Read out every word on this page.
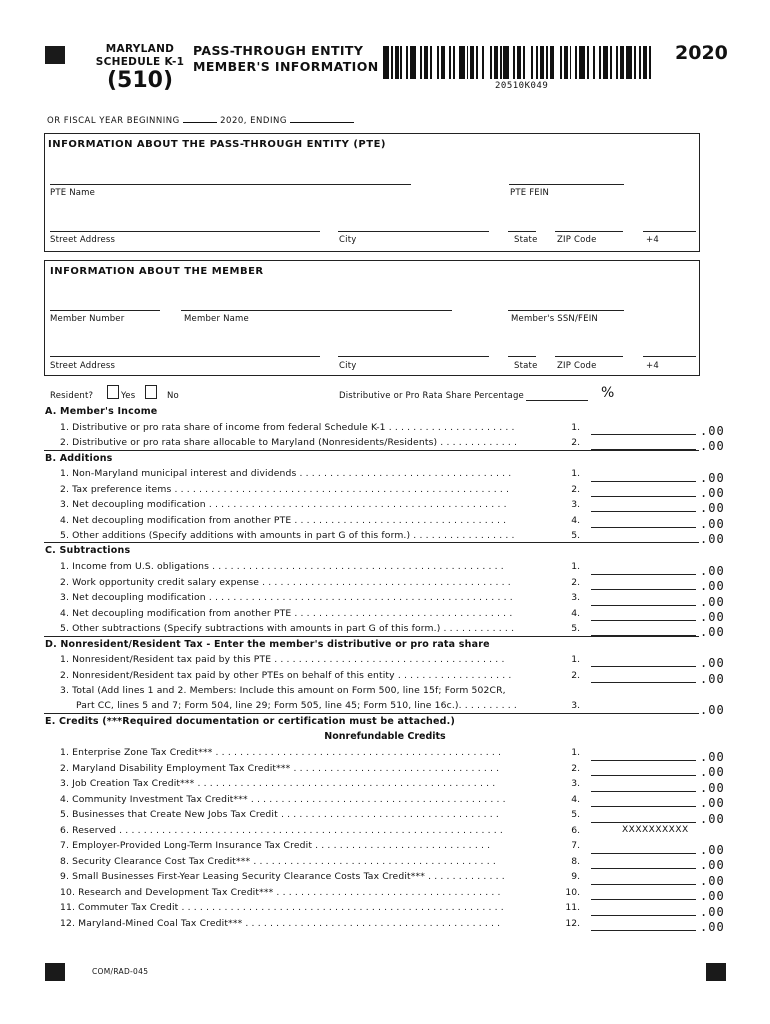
MARYLAND
SCHEDULE K-1
(510)
PASS-THROUGH ENTITY
MEMBER'S INFORMATION
20510K049
2020
OR FISCAL YEAR BEGINNING	2020, ENDING
INFORMATION ABOUT THE PASS-THROUGH ENTITY (PTE)
PTE Name	PTE FEIN
Street Address	City	State ZIP Code	+4
INFORMATION ABOUT THE MEMBER
Member Number	Member Name	Member's SSN/FEIN
Street Address	City	State ZIP Code	+4
Resident?	Yes	No	Distributive or Pro Rata Share Percentage	%
A. Member's Income
1. Distributive or pro rata share of income from federal Schedule K-1 . . . . . . . . . . . . . . . . . . . . .	1.	.00
2. Distributive or pro rata share allocable to Maryland (Nonresidents/Residents) . . . . . . . . . . . . .	2.	.00
B. Additions
1. Non-Maryland municipal interest and dividends . . . . . . . . . . . . . . . . . . . . . . . . . . . . . . . . . . .	1.	.00
2. Tax preference items . . . . . . . . . . . . . . . . . . . . . . . . . . . . . . . . . . . . . . . . . . . . . . . . . . . . . . .	2.	.00
3. Net decoupling modification . . . . . . . . . . . . . . . . . . . . . . . . . . . . . . . . . . . . . . . . . . . . . . . . .	3.	.00
4. Net decoupling modification from another PTE . . . . . . . . . . . . . . . . . . . . . . . . . . . . . . . . . . .	4.	.00
5. Other additions (Specify additions with amounts in part G of this form.) . . . . . . . . . . . . . . . . .	5.	.00
C. Subtractions
1. Income from U.S. obligations . . . . . . . . . . . . . . . . . . . . . . . . . . . . . . . . . . . . . . . . . . . . . . . .	1.	.00
2. Work opportunity credit salary expense . . . . . . . . . . . . . . . . . . . . . . . . . . . . . . . . . . . . . . . . .	2.	.00
3. Net decoupling modification . . . . . . . . . . . . . . . . . . . . . . . . . . . . . . . . . . . . . . . . . . . . . . . . . .	3.	.00
4. Net decoupling modification from another PTE . . . . . . . . . . . . . . . . . . . . . . . . . . . . . . . . . . . .	4.	.00
5. Other subtractions (Specify subtractions with amounts in part G of this form.) . . . . . . . . . . . .	5.	.00
D. Nonresident/Resident Tax - Enter the member's distributive or pro rata share
1. Nonresident/Resident tax paid by this PTE . . . . . . . . . . . . . . . . . . . . . . . . . . . . . . . . . . . . . .	1.	.00
2. Nonresident/Resident tax paid by other PTEs on behalf of this entity . . . . . . . . . . . . . . . . . . .	2.	.00
3. Total (Add lines 1 and 2. Members: Include this amount on Form 500, line 15f; Form 502CR,
Part CC, lines 5 and 7; Form 504, line 29; Form 505, line 45; Form 510, line 16c.). . . . . . . . . .	3.	.00
E. Credits (***Required documentation or certification must be attached.)
Nonrefundable Credits
1. Enterprise Zone Tax Credit*** . . . . . . . . . . . . . . . . . . . . . . . . . . . . . . . . . . . . . . . . . . . . . . .	1.	.00
2. Maryland Disability Employment Tax Credit*** . . . . . . . . . . . . . . . . . . . . . . . . . . . . . . . . . .	2.	.00
3. Job Creation Tax Credit*** . . . . . . . . . . . . . . . . . . . . . . . . . . . . . . . . . . . . . . . . . . . . . . . . .	3.	.00
4. Community Investment Tax Credit*** . . . . . . . . . . . . . . . . . . . . . . . . . . . . . . . . . . . . . . . . . .	4.	.00
5. Businesses that Create New Jobs Tax Credit . . . . . . . . . . . . . . . . . . . . . . . . . . . . . . . . . . . .	5.	.00
6. Reserved . . . . . . . . . . . . . . . . . . . . . . . . . . . . . . . . . . . . . . . . . . . . . . . . . . . . . . . . . . . . . . .	6.	XXXXXXXXXX
7. Employer-Provided Long-Term Insurance Tax Credit . . . . . . . . . . . . . . . . . . . . . . . . . . . . .	7.	.00
8. Security Clearance Cost Tax Credit*** . . . . . . . . . . . . . . . . . . . . . . . . . . . . . . . . . . . . . . . .	8.	.00
9. Small Businesses First-Year Leasing Security Clearance Costs Tax Credit*** . . . . . . . . . . . . .	9.	.00
10. Research and Development Tax Credit*** . . . . . . . . . . . . . . . . . . . . . . . . . . . . . . . . . . . . .	10.	.00
11. Commuter Tax Credit . . . . . . . . . . . . . . . . . . . . . . . . . . . . . . . . . . . . . . . . . . . . . . . . . . . . .	11.	.00
12. Maryland-Mined Coal Tax Credit*** . . . . . . . . . . . . . . . . . . . . . . . . . . . . . . . . . . . . . . . . . .	12.	.00
COM/RAD-045
